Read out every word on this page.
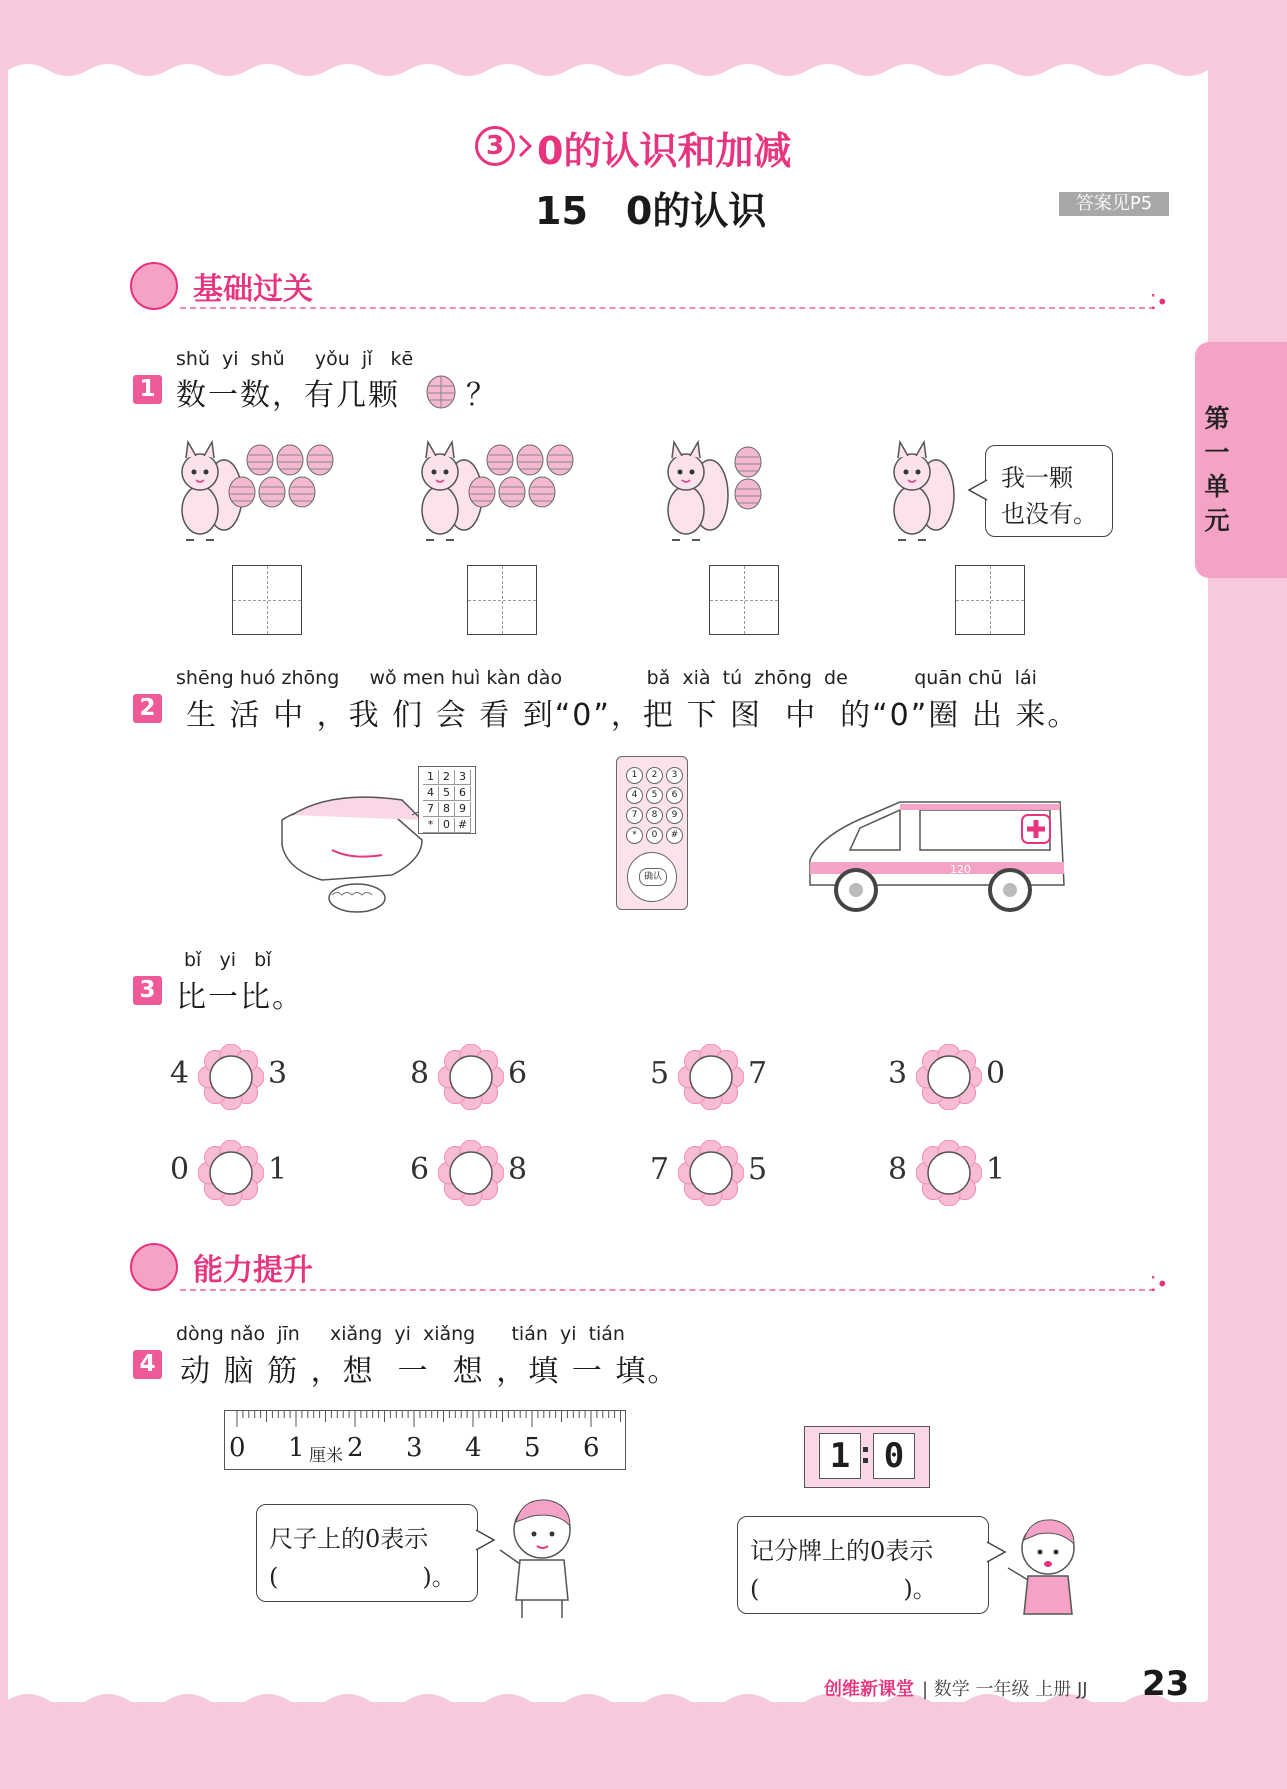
第一单元
3 0的认识和加减
15　0的认识	答案见P5
基础过关	⁚•
shǔ  yi  shǔ     yǒu  jǐ   kē
1 数一数，有几颗 ？
我一颗
也没有。
shēng huó zhōng     wǒ men huì kàn dào              bǎ  xià  tú  zhōng  de           quān chū  lái
2 生 活 中 ，我 们 会 看 到“0”，把 下 图  中  的“0”圈 出 来。
1 2 3
4 5 6
7 8 9
* 0 #
1	2	3
4	5	6
7	8	9
*	0	#
确认
120
bǐ   yi   bǐ
3 比一比。
4	3	8	6	5	7	3	0
0	1	6	8	7	5	8	1
能力提升	⁚•
dòng nǎo  jīn     xiǎng  yi  xiǎng      tián  yi  tián
4 动 脑 筋 ，想  一  想 ，填 一 填。
0 1 2 3 4 5 6
厘米	1 0
尺子上的0表示
(　　　　　　)。
记分牌上的0表示
(　　　　　　)。
创维新课堂 | 数学 一年级 上册 JJ 23
